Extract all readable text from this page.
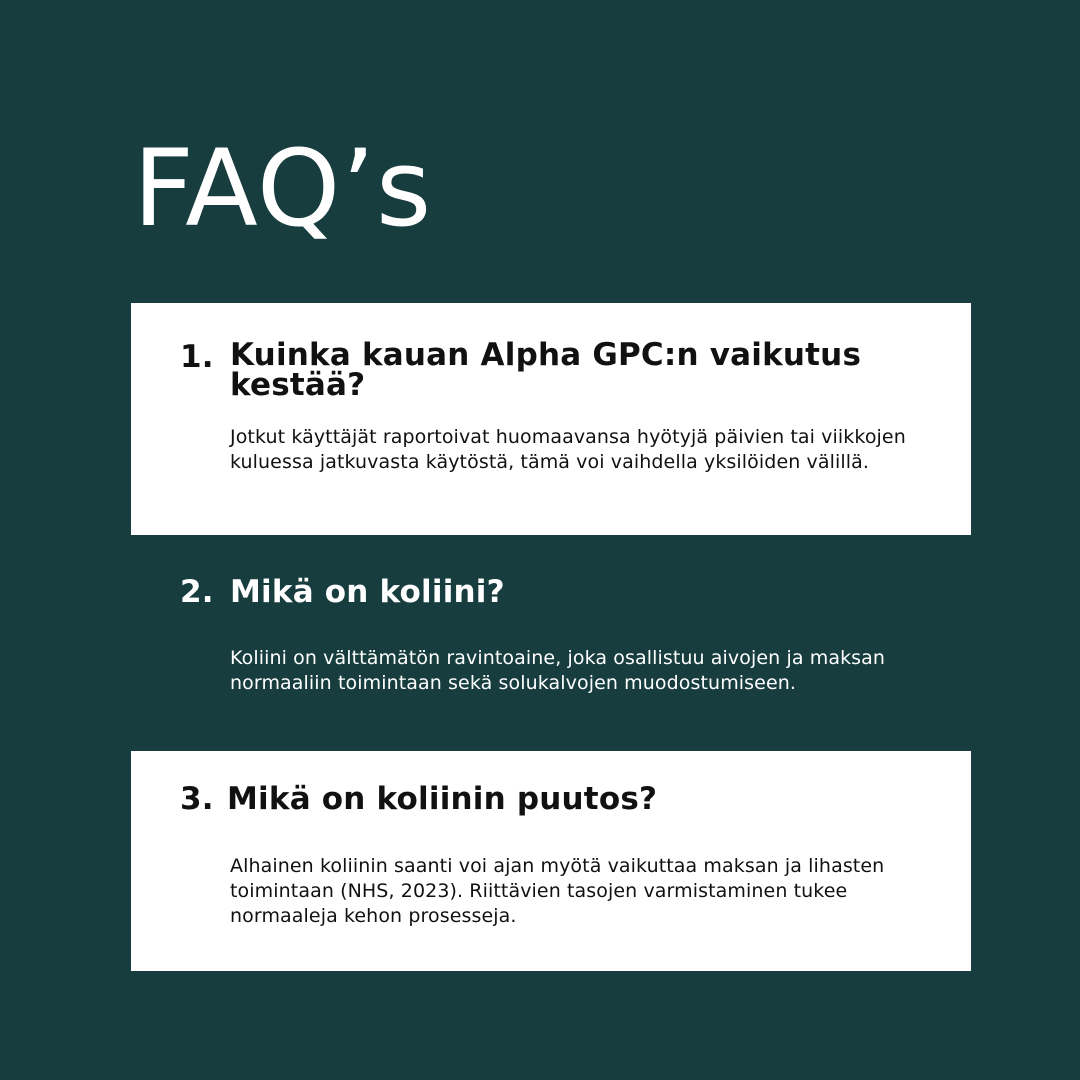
FAQ’s
1. Kuinka kauan Alpha GPC:n vaikutus kestää?

Jotkut käyttäjät raportoivat huomaavansa hyötyjä päivien tai viikkojen kuluessa jatkuvasta käytöstä, tämä voi vaihdella yksilöiden välillä.

2. Mikä on koliini?

Koliini on välttämätön ravintoaine, joka osallistuu aivojen ja maksan normaaliin toimintaan sekä solukalvojen muodostumiseen.

3. Mikä on koliinin puutos?

Alhainen koliinin saanti voi ajan myötä vaikuttaa maksan ja lihasten toimintaan (NHS, 2023). Riittävien tasojen varmistaminen tukee normaaleja kehon prosesseja.
